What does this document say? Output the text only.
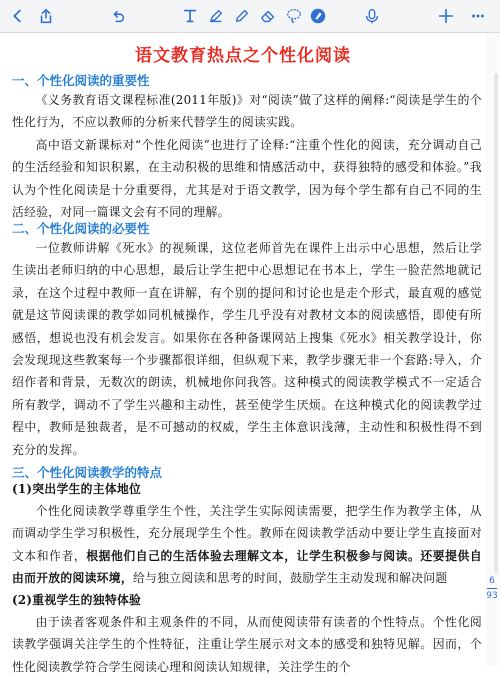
语文教育热点之个性化阅读
一、个性化阅读的重要性
《义务教育语文课程标准(2011年版)》对“阅读”做了这样的阐释:“阅读是学生的个性化行为，不应以教师的分析来代替学生的阅读实践。
高中语文新课标对“个性化阅读”也进行了诠释:“注重个性化的阅读，充分调动自己的生活经验和知识积累，在主动积极的思维和情感活动中，获得独特的感受和体验。”我认为个性化阅读是十分重要得，尤其是对于语文教学，因为每个学生都有自己不同的生活经验，对同一篇课文会有不同的理解。
二、个性化阅读的必要性
一位教师讲解《死水》的视频课，这位老师首先在课件上出示中心思想，然后让学生读出老师归纳的中心思想，最后让学生把中心思想记在书本上，学生一脸茫然地就记录，在这个过程中教师一直在讲解，有个别的提问和讨论也是走个形式，最直观的感觉就是这节阅读课的教学如同机械操作，学生几乎没有对教材文本的阅读感悟，即使有所感悟，想说也没有机会发言。如果你在各种备课网站上搜集《死水》相关教学设计，你会发现现这些教案每一个步骤都很详细，但纵观下来，教学步骤无非一个套路:导入，介绍作者和背景，无数次的朗读，机械地你问我答。这种模式的阅读教学模式不一定适合所有教学，调动不了学生兴趣和主动性，甚至使学生厌烦。在这种模式化的阅读教学过程中，教师是独裁者，是不可撼动的权威，学生主体意识浅薄，主动性和积极性得不到充分的发挥。
三、个性化阅读教学的特点
(1)突出学生的主体地位
个性化阅读教学尊重学生个性，关注学生实际阅读需要，把学生作为教学主体，从而调动学生学习积极性，充分展现学生个性。教师在阅读教学活动中要让学生直接面对文本和作者，根据他们自己的生活体验去理解文本，让学生积极参与阅读。还要提供自由而开放的阅读环境，给与独立阅读和思考的时间，鼓励学生主动发现和解决问题
(2)重视学生的独特体验
由于读者客观条件和主观条件的不同，从而使阅读带有读者的个性特点。个性化阅读教学强调关注学生的个性特征，注重让学生展示对文本的感受和独特见解。因而，个性化阅读教学符合学生阅读心理和阅读认知规律，关注学生的个
6
93
